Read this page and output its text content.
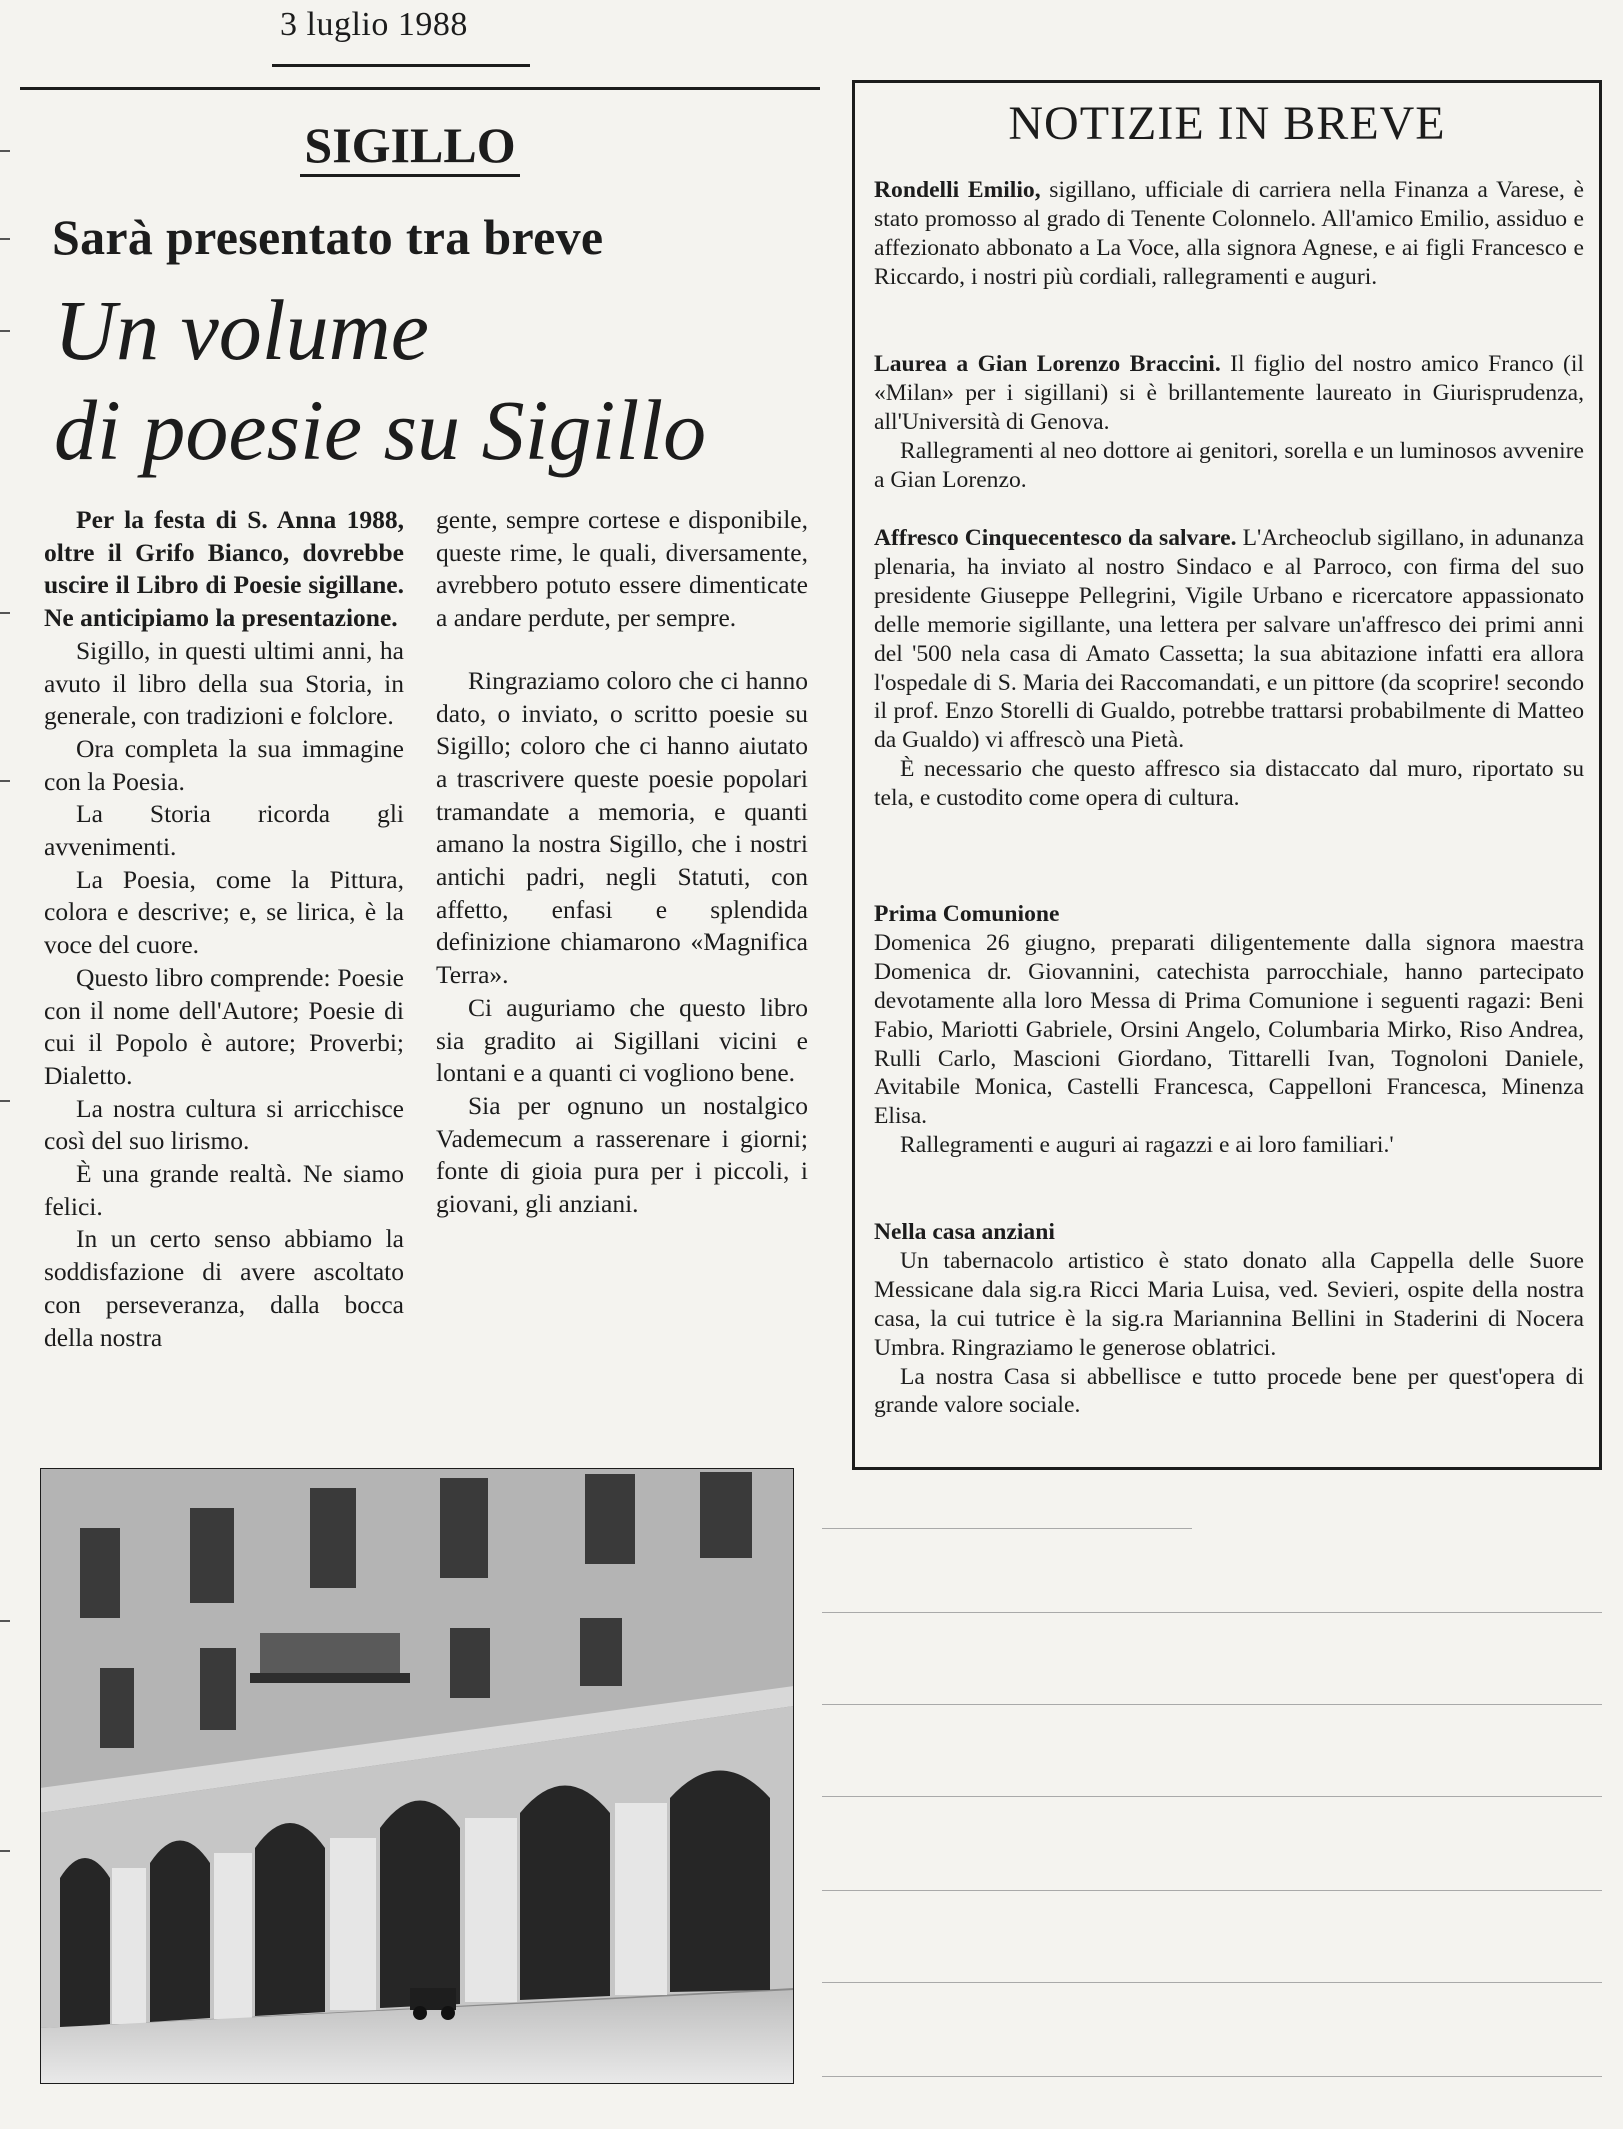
3 luglio 1988
SIGILLO
Sarà presentato tra breve
Un volume
di poesie su Sigillo

Per la festa di S. Anna 1988, oltre il Grifo Bianco, dovrebbe uscire il Libro di Poesie sigillane. Ne anticipiamo la presentazione.

Sigillo, in questi ultimi anni, ha avuto il libro della sua Storia, in generale, con tradizioni e folclore.

Ora completa la sua immagine con la Poesia.

La Storia ricorda gli avvenimenti.

La Poesia, come la Pittura, colora e descrive; e, se lirica, è la voce del cuore.

Questo libro comprende: Poesie con il nome dell'Autore; Poesie di cui il Popolo è autore; Proverbi; Dialetto.

La nostra cultura si arricchisce così del suo lirismo.

È una grande realtà. Ne siamo felici.

In un certo senso abbiamo la soddisfazione di avere ascoltato con perseveranza, dalla bocca della nostra

gente, sempre cortese e disponibile, queste rime, le quali, diversamente, avrebbero potuto essere dimenticate a andare perdute, per sempre.

Ringraziamo coloro che ci hanno dato, o inviato, o scritto poesie su Sigillo; coloro che ci hanno aiutato a trascrivere queste poesie popolari tramandate a memoria, e quanti amano la nostra Sigillo, che i nostri antichi padri, negli Statuti, con affetto, enfasi e splendida definizione chiamarono «Magnifica Terra».

Ci auguriamo che questo libro sia gradito ai Sigillani vicini e lontani e a quanti ci vogliono bene.

Sia per ognuno un nostalgico Vademecum a rasserenare i giorni; fonte di gioia pura per i piccoli, i giovani, gli anziani.

NOTIZIE IN BREVE

Rondelli Emilio, sigillano, ufficiale di carriera nella Finanza a Varese, è stato promosso al grado di Tenente Colonnelo. All'amico Emilio, assiduo e affezionato abbonato a La Voce, alla signora Agnese, e ai figli Francesco e Riccardo, i nostri più cordiali, rallegramenti e auguri.

Laurea a Gian Lorenzo Braccini. Il figlio del nostro amico Franco (il «Milan» per i sigillani) si è brillantemente laureato in Giurisprudenza, all'Università di Genova.

Rallegramenti al neo dottore ai genitori, sorella e un luminosos avvenire a Gian Lorenzo.

Affresco Cinquecentesco da salvare. L'Archeoclub sigillano, in adunanza plenaria, ha inviato al nostro Sindaco e al Parroco, con firma del suo presidente Giuseppe Pellegrini, Vigile Urbano e ricercatore appassionato delle memorie sigillante, una lettera per salvare un'affresco dei primi anni del '500 nela casa di Amato Cassetta; la sua abitazione infatti era allora l'ospedale di S. Maria dei Raccomandati, e un pittore (da scoprire! secondo il prof. Enzo Storelli di Gualdo, potrebbe trattarsi probabilmente di Matteo da Gualdo) vi affrescò una Pietà.

È necessario che questo affresco sia distaccato dal muro, riportato su tela, e custodito come opera di cultura.

Prima Comunione

Domenica 26 giugno, preparati diligentemente dalla signora maestra Domenica dr. Giovannini, catechista parrocchiale, hanno partecipato devotamente alla loro Messa di Prima Comunione i seguenti ragazi: Beni Fabio, Mariotti Gabriele, Orsini Angelo, Columbaria Mirko, Riso Andrea, Rulli Carlo, Mascioni Giordano, Tittarelli Ivan, Tognoloni Daniele, Avitabile Monica, Castelli Francesca, Cappelloni Francesca, Minenza Elisa.

Rallegramenti e auguri ai ragazzi e ai loro familiari.'

Nella casa anziani

Un tabernacolo artistico è stato donato alla Cappella delle Suore Messicane dala sig.ra Ricci Maria Luisa, ved. Sevieri, ospite della nostra casa, la cui tutrice è la sig.ra Mariannina Bellini in Staderini di Nocera Umbra. Ringraziamo le generose oblatrici.

La nostra Casa si abbellisce e tutto procede bene per quest'opera di grande valore sociale.
